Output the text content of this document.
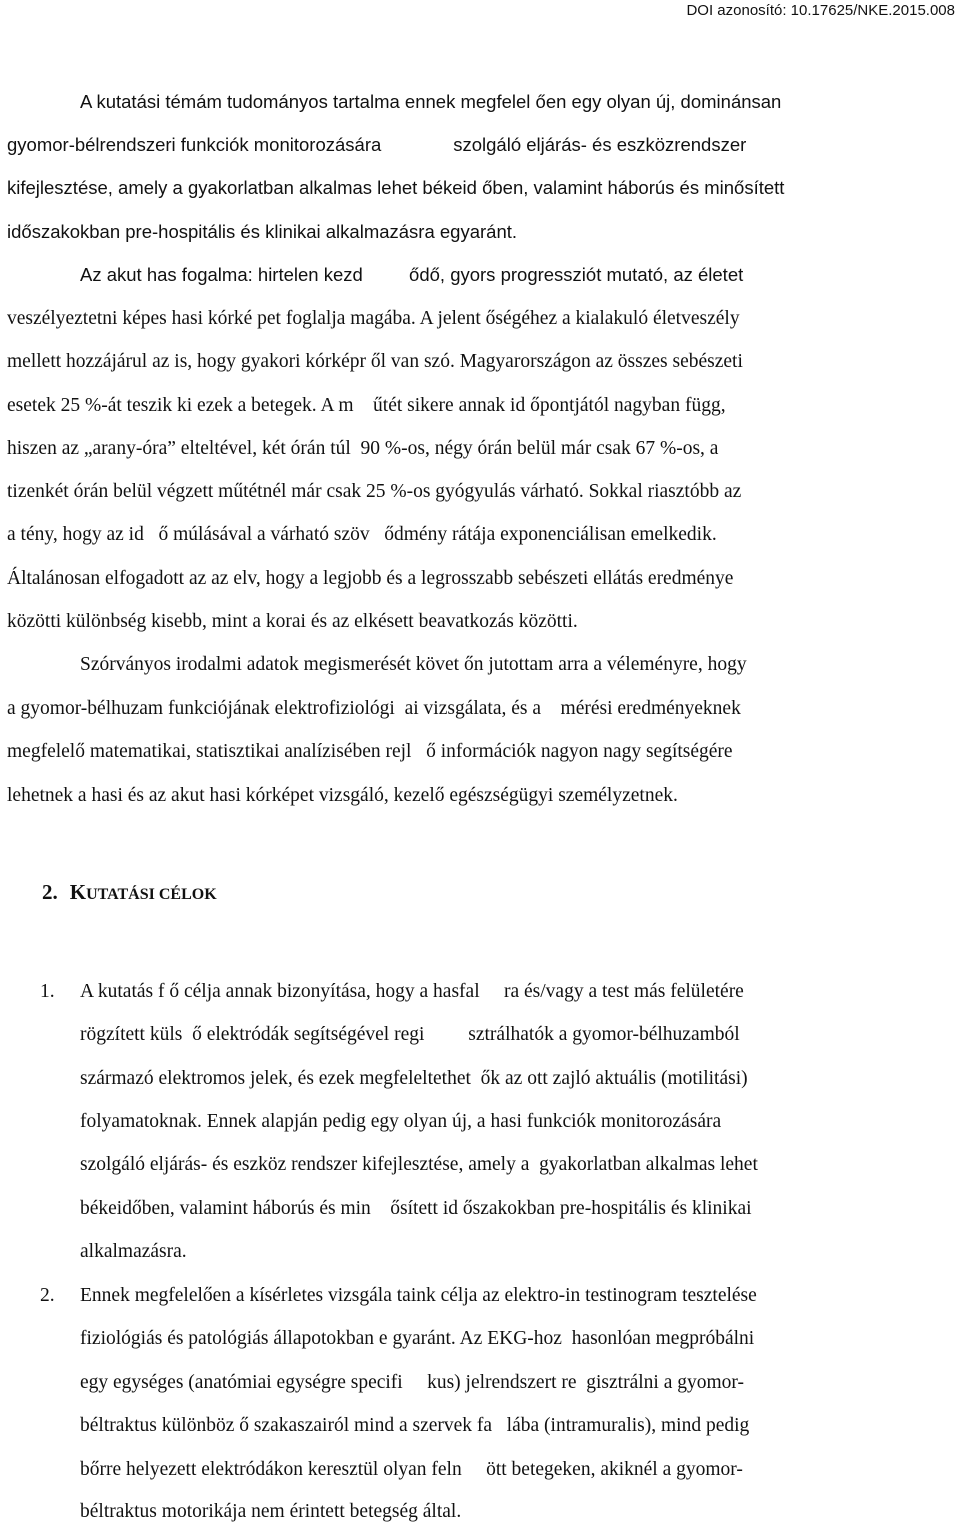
DOI azonosító: 10.17625/NKE.2015.008

A kutatási témám tudományos tartalma ennek megfelel ően egy olyan új, dominánsan

gyomor-bélrendszeri funkciók monitorozására              szolgáló eljárás- és eszközrendszer

kifejlesztése, amely a gyakorlatban alkalmas lehet békeid őben, valamint háborús és minősített

időszakokban pre-hospitális és klinikai alkalmazásra egyaránt.

Az akut has fogalma: hirtelen kezd         ődő, gyors progressziót mutató, az életet

veszélyeztetni képes hasi kórké pet foglalja magába. A jelent őségéhez a kialakuló életveszély

mellett hozzájárul az is, hogy gyakori kórképr ől van szó. Magyarországon az összes sebészeti

esetek 25 %-át teszik ki ezek a betegek. A m    űtét sikere annak id őpontjától nagyban függ,

hiszen az „arany-óra” elteltével, két órán túl  90 %-os, négy órán belül már csak 67 %-os, a

tizenkét órán belül végzett műtétnél már csak 25 %-os gyógyulás várható. Sokkal riasztóbb az

a tény, hogy az id   ő múlásával a várható szöv   ődmény rátája exponenciálisan emelkedik.

Általánosan elfogadott az az elv, hogy a legjobb és a legrosszabb sebészeti ellátás eredménye

közötti különbség kisebb, mint a korai és az elkésett beavatkozás közötti.

Szórványos irodalmi adatok megismerését követ őn jutottam arra a véleményre, hogy

a gyomor-bélhuzam funkciójának elektrofiziológi  ai vizsgálata, és a    mérési eredményeknek

megfelelő matematikai, statisztikai analízisében rejl   ő információk nagyon nagy segítségére

lehetnek a hasi és az akut hasi kórképet vizsgáló, kezelő egészségügyi személyzetnek.

2. KUTATÁSI CÉLOK
1. A kutatás f ő célja annak bizonyítása, hogy a hasfal     ra és/vagy a test más felületére

rögzített küls  ő elektródák segítségével regi         sztrálhatók a gyomor-bélhuzamból

származó elektromos jelek, és ezek megfeleltethet  ők az ott zajló aktuális (motilitási)

folyamatoknak. Ennek alapján pedig egy olyan új, a hasi funkciók monitorozására

szolgáló eljárás- és eszköz rendszer kifejlesztése, amely a  gyakorlatban alkalmas lehet

békeidőben, valamint háborús és min    ősített id őszakokban pre-hospitális és klinikai

alkalmazásra.

2. Ennek megfelelően a kísérletes vizsgála taink célja az elektro-in testinogram tesztelése

fiziológiás és patológiás állapotokban e gyaránt. Az EKG-hoz  hasonlóan megpróbálni

egy egységes (anatómiai egységre specifi     kus) jelrendszert re  gisztrálni a gyomor-

béltraktus különböz ő szakaszairól mind a szervek fa   lába (intramuralis), mind pedig

bőrre helyezett elektródákon keresztül olyan feln     ött betegeken, akiknél a gyomor-

béltraktus motorikája nem érintett betegség által.
